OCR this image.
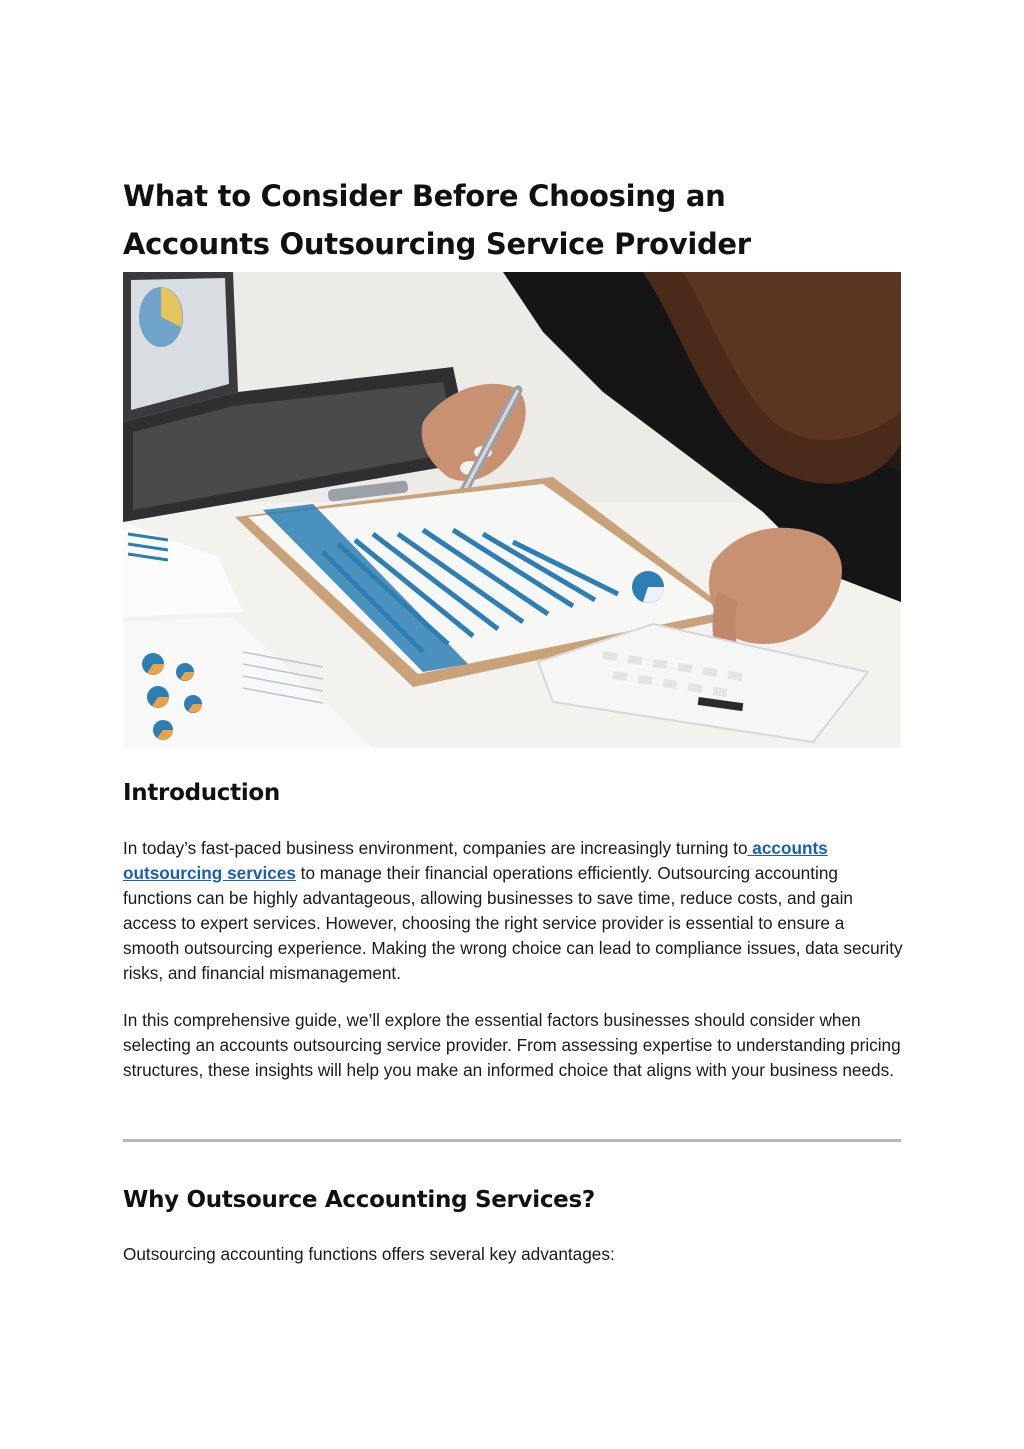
What to Consider Before Choosing an
Accounts Outsourcing Service Provider
Introduction

In today’s fast-paced business environment, companies are increasingly turning to accounts outsourcing services to manage their financial operations efficiently. Outsourcing accounting functions can be highly advantageous, allowing businesses to save time, reduce costs, and gain access to expert services. However, choosing the right service provider is essential to ensure a smooth outsourcing experience. Making the wrong choice can lead to compliance issues, data security risks, and financial mismanagement.

In this comprehensive guide, we’ll explore the essential factors businesses should consider when selecting an accounts outsourcing service provider. From assessing expertise to understanding pricing structures, these insights will help you make an informed choice that aligns with your business needs.

Why Outsource Accounting Services?

Outsourcing accounting functions offers several key advantages:
